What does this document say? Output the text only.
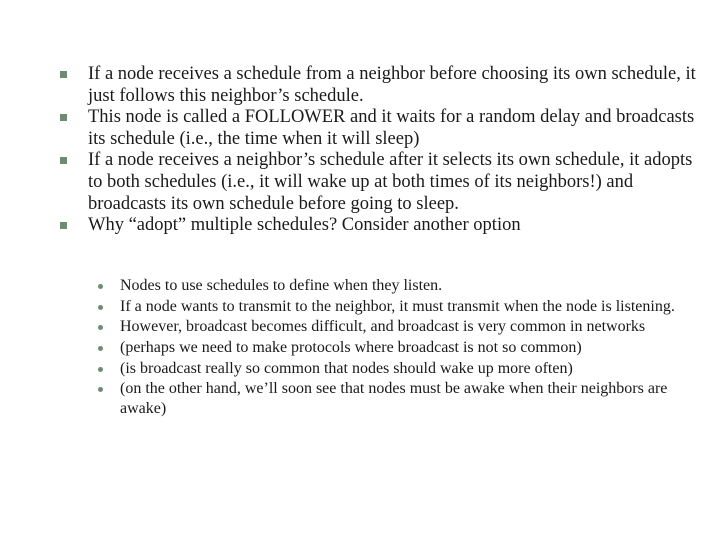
If a node receives a schedule from a neighbor before choosing its own schedule, it just follows this neighbor’s schedule.
This node is called a FOLLOWER and it waits for a random delay and broadcasts its schedule (i.e., the time when it will sleep)
If a node receives a neighbor’s schedule after it selects its own schedule, it adopts to both schedules (i.e., it will wake up at both times of its neighbors!) and broadcasts its own schedule before going to sleep.
Why “adopt” multiple schedules? Consider another option
Nodes to use schedules to define when they listen.
If a node wants to transmit to the neighbor, it must transmit when the node is listening.
However, broadcast becomes difficult, and broadcast is very common in networks
(perhaps we need to make protocols where broadcast is not so common)
(is broadcast really so common that nodes should wake up more often)
(on the other hand, we’ll soon see that nodes must be awake when their neighbors are awake)
